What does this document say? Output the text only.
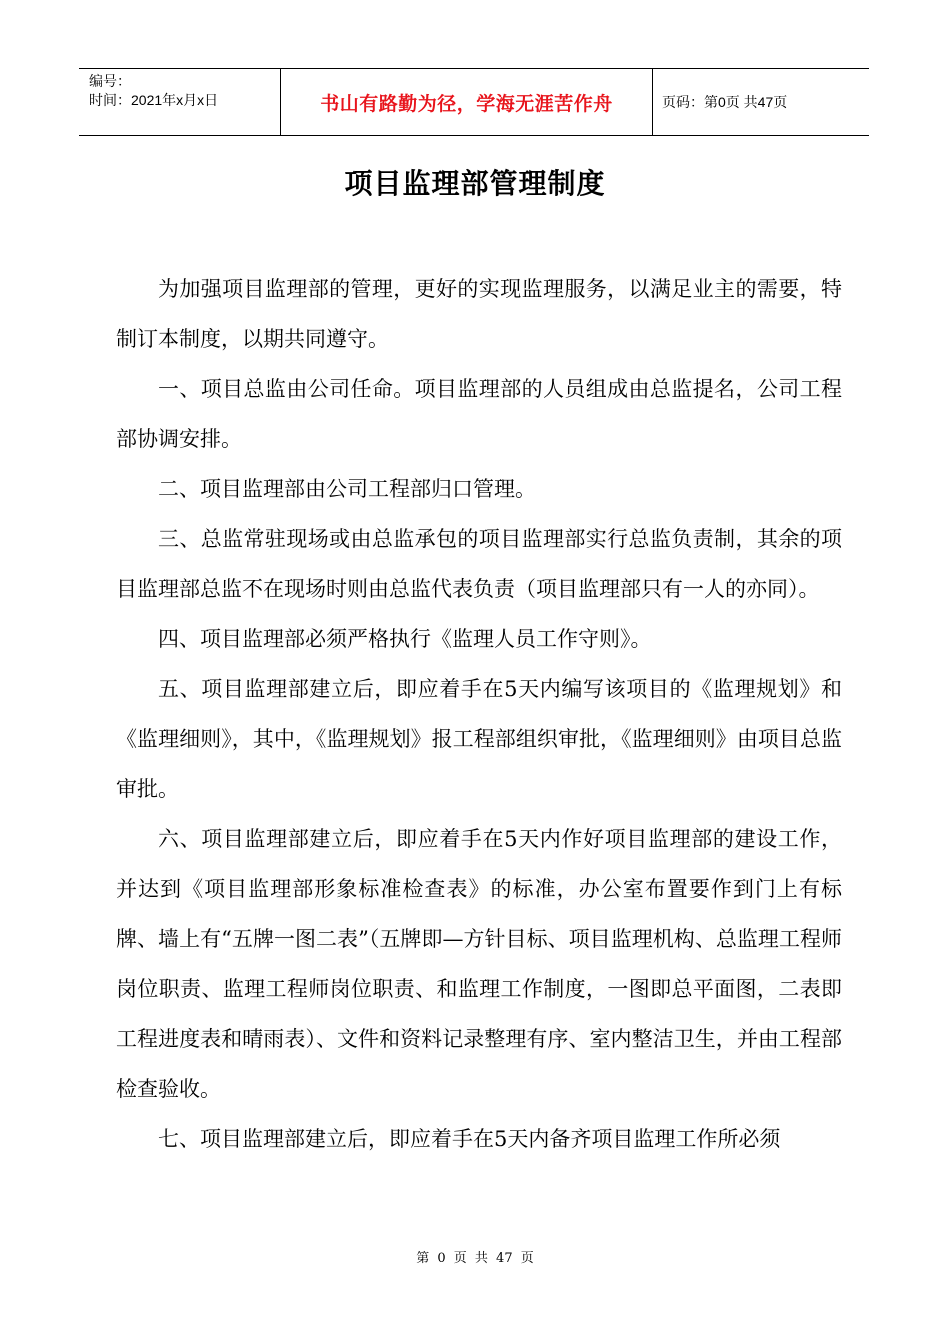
编号：
时间：2021年x月x日	书山有路勤为径，学海无涯苦作舟	页码：第0页 共47页
项目监理部管理制度

为加强项目监理部的管理，更好的实现监理服务，以满足业主的需要，特制订本制度，以期共同遵守。

一、项目总监由公司任命。项目监理部的人员组成由总监提名，公司工程部协调安排。

二、项目监理部由公司工程部归口管理。

三、总监常驻现场或由总监承包的项目监理部实行总监负责制，其余的项目监理部总监不在现场时则由总监代表负责（项目监理部只有一人的亦同）。

四、项目监理部必须严格执行《监理人员工作守则》。

五、项目监理部建立后，即应着手在5天内编写该项目的《监理规划》和《监理细则》，其中，《监理规划》报工程部组织审批，《监理细则》由项目总监审批。

六、项目监理部建立后，即应着手在5天内作好项目监理部的建设工作，并达到《项目监理部形象标准检查表》的标准，办公室布置要作到门上有标牌、墙上有“五牌一图二表”（五牌即—方针目标、项目监理机构、总监理工程师岗位职责、监理工程师岗位职责、和监理工作制度，一图即总平面图，二表即工程进度表和晴雨表）、文件和资料记录整理有序、室内整洁卫生，并由工程部检查验收。

七、项目监理部建立后，即应着手在5天内备齐项目监理工作所必须

第 0 页 共 47 页
